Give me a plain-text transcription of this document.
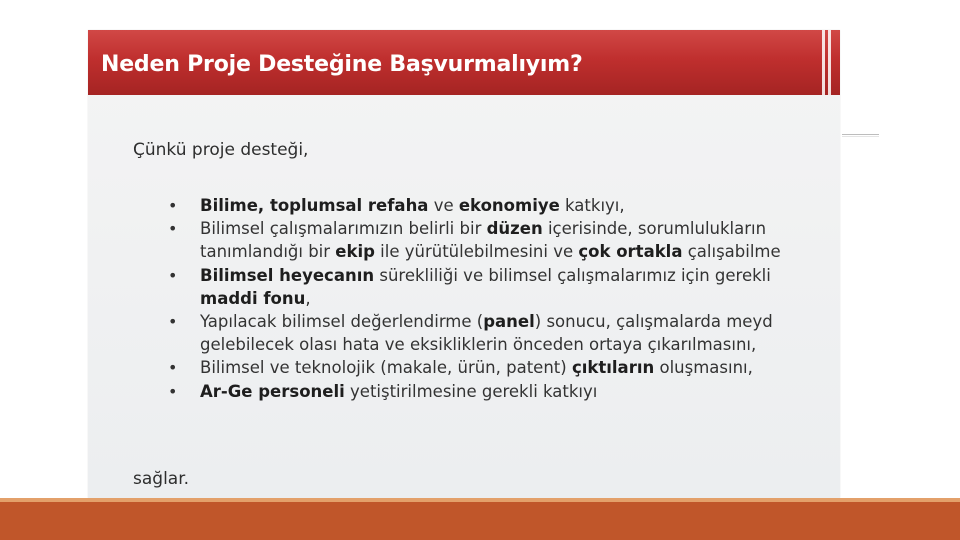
Neden Proje Desteğine Başvurmalıyım?

Çünkü proje desteği,

• Bilime, toplumsal refaha ve ekonomiye katkıyı,
• Bilimsel çalışmalarımızın belirli bir düzen içerisinde, sorumlulukların
tanımlandığı bir ekip ile yürütülebilmesini ve çok ortakla çalışabilme
• Bilimsel heyecanın sürekliliği ve bilimsel çalışmalarımız için gerekli
maddi fonu,
• Yapılacak bilimsel değerlendirme (panel) sonucu, çalışmalarda meyd
gelebilecek olası hata ve eksikliklerin önceden ortaya çıkarılmasını,
• Bilimsel ve teknolojik (makale, ürün, patent) çıktıların oluşmasını,
• Ar-Ge personeli yetiştirilmesine gerekli katkıyı

sağlar.
